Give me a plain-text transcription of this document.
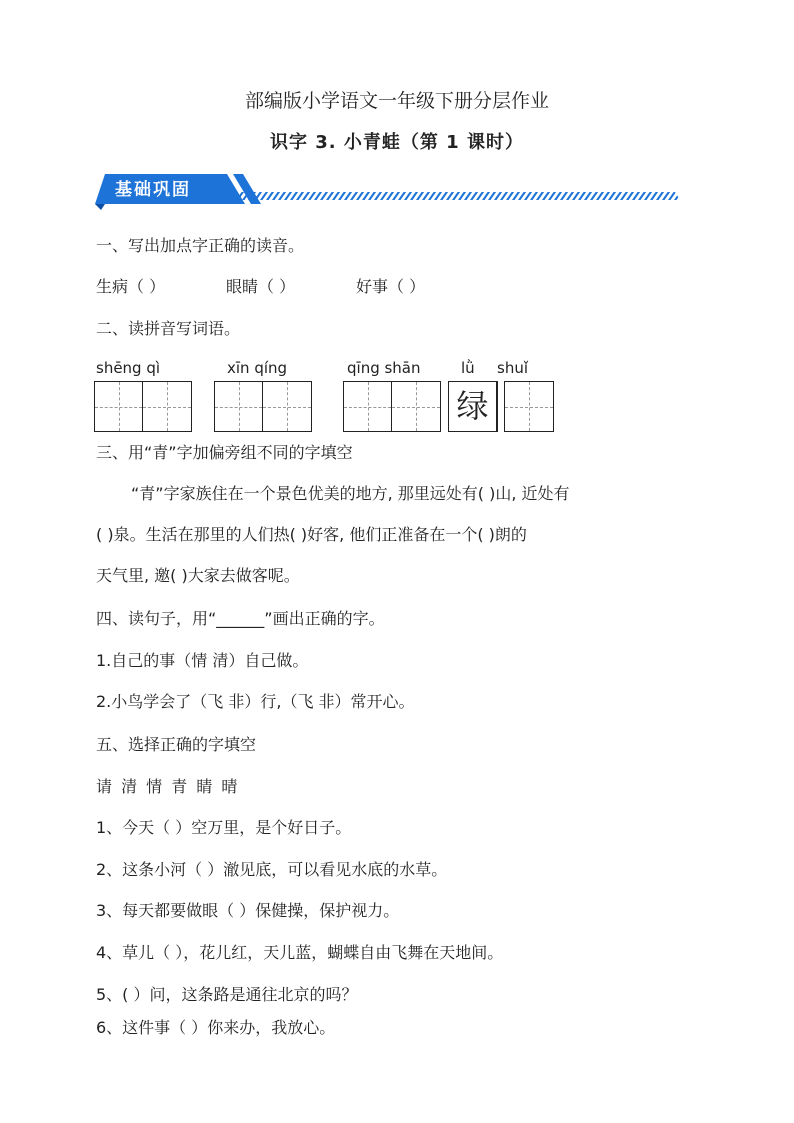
部编版小学语文一年级下册分层作业
识字 3. 小青蛙（第 1 课时）
基础巩固
一、写出加点字正确的读音。
生病（ ）	眼睛（ ）	好事（ ）
二、读拼音写词语。
shēng qì	xīn qíng	qīng shān	lǜ shuǐ
绿
三、用“青”字加偏旁组不同的字填空
“青”字家族住在一个景色优美的地方, 那里远处有( )山, 近处有
( )泉。生活在那里的人们热( )好客, 他们正准备在一个( )朗的
天气里, 邀( )大家去做客呢。
四、读句子，用“______”画出正确的字。
1.自己的事（情 清）自己做。
2.小鸟学会了（飞 非）行,（飞 非）常开心。
五、选择正确的字填空
请 清 情 青 睛 晴
1、今天（ ）空万里，是个好日子。
2、这条小河（ ）澈见底，可以看见水底的水草。
3、每天都要做眼（ ）保健操，保护视力。
4、草儿（ ），花儿红，天儿蓝，蝴蝶自由飞舞在天地间。
5、( ）问，这条路是通往北京的吗？
6、这件事（ ）你来办，我放心。
